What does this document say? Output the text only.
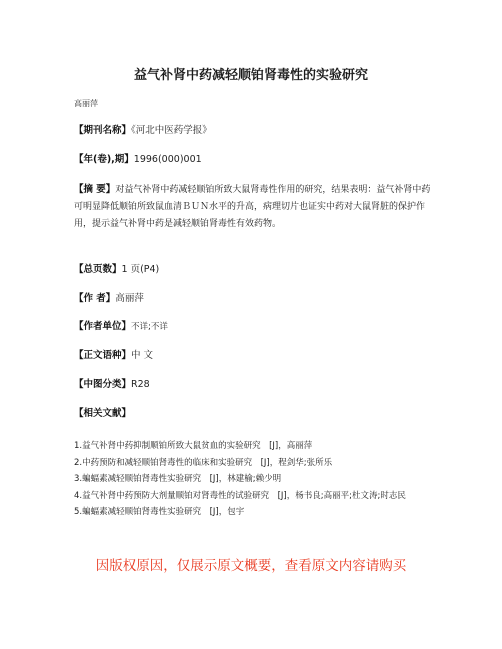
益气补肾中药减轻顺铂肾毒性的实验研究
高丽萍
【期刊名称】《河北中医药学报》
【年(卷),期】1996(000)001
【摘 要】对益气补肾中药减轻顺铂所致大鼠肾毒性作用的研究，结果表明：益气补肾中药可明显降低顺铂所致鼠血清ＢＵＮ水平的升高，病理切片也证实中药对大鼠肾脏的保护作用，提示益气补肾中药是减轻顺铂肾毒性有效药物。
【总页数】1 页(P4)
【作 者】高丽萍
【作者单位】不详;不详
【正文语种】中 文
【中图分类】R28
【相关文献】
1.益气补肾中药抑制顺铂所致大鼠贫血的实验研究　[J]，高丽萍
2.中药预防和减轻顺铂肾毒性的临床和实验研究　[J]，程剑华;张所乐
3.蝙蝠素减轻顺铂肾毒性实验研究　[J]，林建榆;赖少明
4.益气补肾中药预防大剂量顺铂对肾毒性的试验研究　[J]，杨书良;高丽平;杜文涛;时志民
5.蝙蝠素减轻顺铂肾毒性实验研究　[J]，包宇
因版权原因，仅展示原文概要，查看原文内容请购买
